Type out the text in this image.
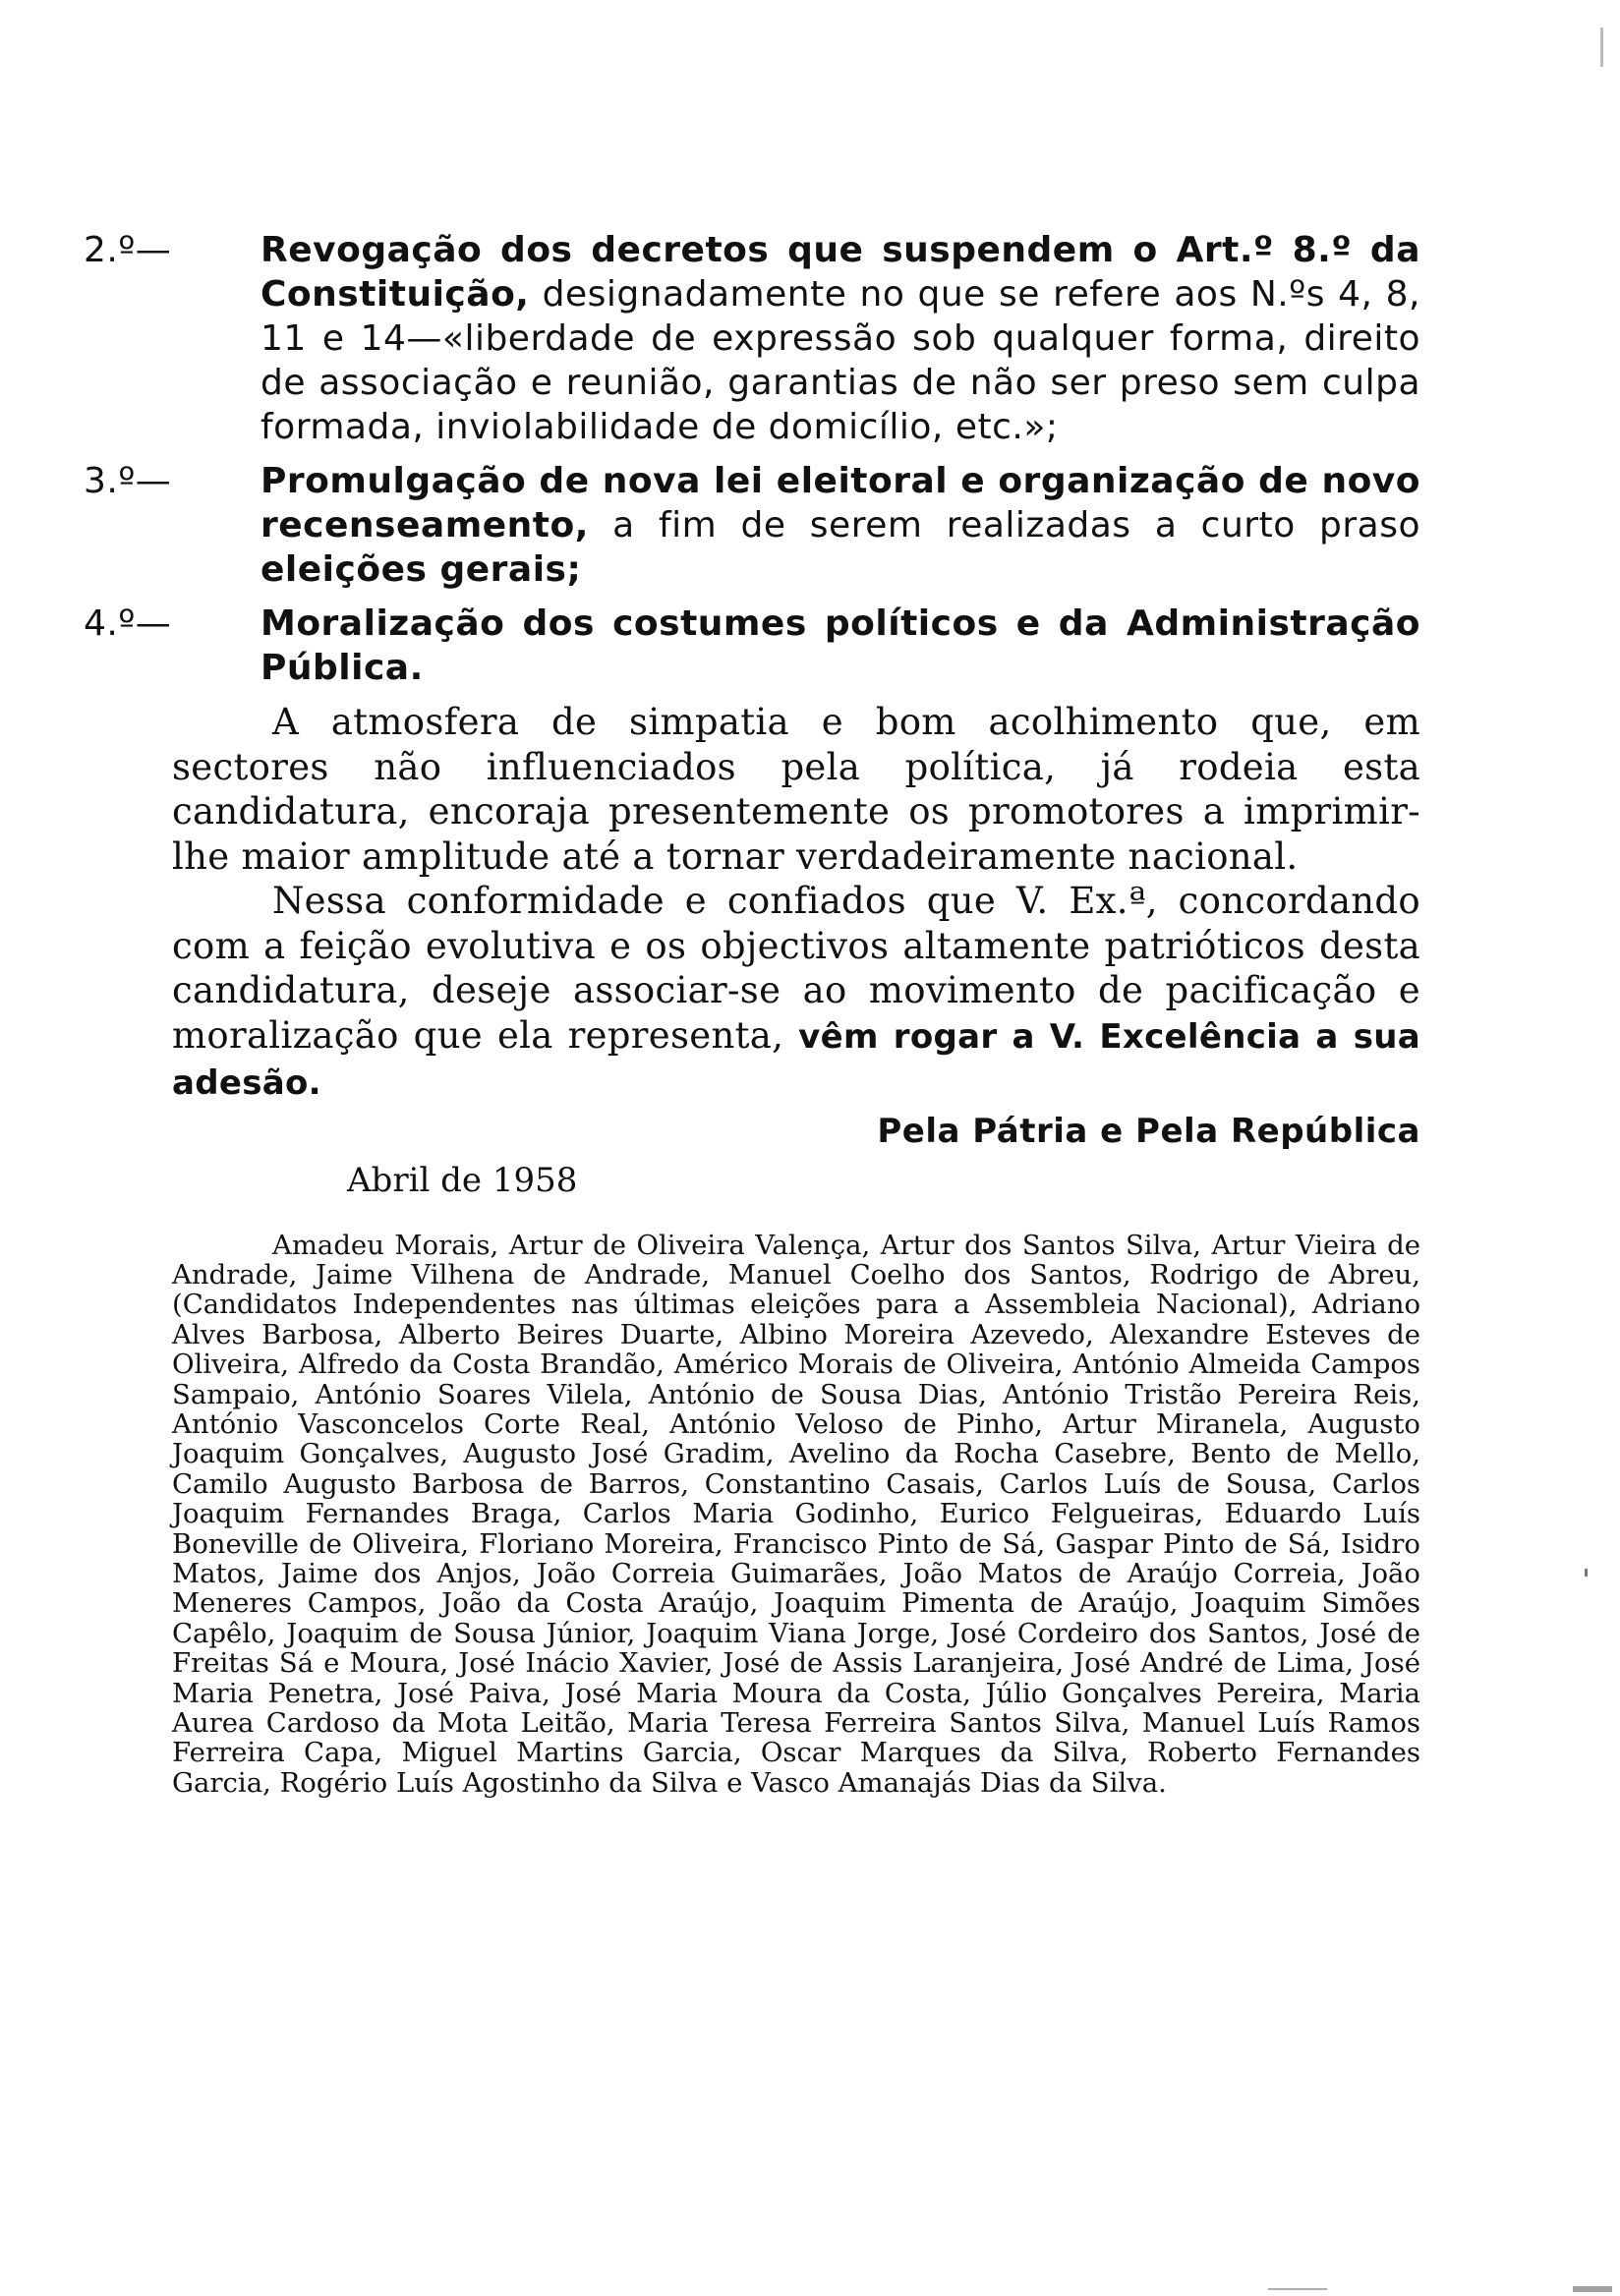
2.º—	Revogação dos decretos que suspendem o Art.º 8.º da Constituição, designadamente no que se refere aos N.ºs 4, 8, 11 e 14—«liberdade de expressão sob qualquer forma, direito de associação e reunião, garantias de não ser preso sem culpa formada, inviolabilidade de domicílio, etc.»;
3.º—	Promulgação de nova lei eleitoral e organização de novo recenseamento, a fim de serem realizadas a curto praso eleições gerais;
4.º—	Moralização dos costumes políticos e da Administração Pública.

A atmosfera de simpatia e bom acolhimento que, em sectores não influenciados pela política, já rodeia esta candidatura, encoraja presentemente os promotores a imprimir-lhe maior amplitude até a tornar verdadeiramente nacional.

Nessa conformidade e confiados que V. Ex.ª, concordando com a feição evolutiva e os objectivos altamente patrióticos desta candidatura, deseje associar-se ao movimento de pacificação e moralização que ela representa, vêm rogar a V. Excelência a sua adesão.

Pela Pátria e Pela República
Abril de 1958
Amadeu Morais, Artur de Oliveira Valença, Artur dos Santos Silva, Artur Vieira de Andrade, Jaime Vilhena de Andrade, Manuel Coelho dos Santos, Rodrigo de Abreu, (Candidatos Independentes nas últimas eleições para a Assembleia Nacional), Adriano Alves Barbosa, Alberto Beires Duarte, Albino Moreira Azevedo, Alexandre Esteves de Oliveira, Alfredo da Costa Brandão, Américo Morais de Oliveira, António Almeida Campos Sampaio, António Soares Vilela, António de Sousa Dias, António Tristão Pereira Reis, António Vasconcelos Corte Real, António Veloso de Pinho, Artur Miranela, Augusto Joaquim Gonçalves, Augusto José Gradim, Avelino da Rocha Casebre, Bento de Mello, Camilo Augusto Barbosa de Barros, Constantino Casais, Carlos Luís de Sousa, Carlos Joaquim Fernandes Braga, Carlos Maria Godinho, Eurico Felgueiras, Eduardo Luís Boneville de Oliveira, Floriano Moreira, Francisco Pinto de Sá, Gaspar Pinto de Sá, Isidro Matos, Jaime dos Anjos, João Correia Guimarães, João Matos de Araújo Correia, João Meneres Campos, João da Costa Araújo, Joaquim Pimenta de Araújo, Joaquim Simões Capêlo, Joaquim de Sousa Júnior, Joaquim Viana Jorge, José Cordeiro dos Santos, José de Freitas Sá e Moura, José Inácio Xavier, José de Assis Laranjeira, José André de Lima, José Maria Penetra, José Paiva, José Maria Moura da Costa, Júlio Gonçalves Pereira, Maria Aurea Cardoso da Mota Leitão, Maria Teresa Ferreira Santos Silva, Manuel Luís Ramos Ferreira Capa, Miguel Martins Garcia, Oscar Marques da Silva, Roberto Fernandes Garcia, Rogério Luís Agostinho da Silva e Vasco Amanajás Dias da Silva.
